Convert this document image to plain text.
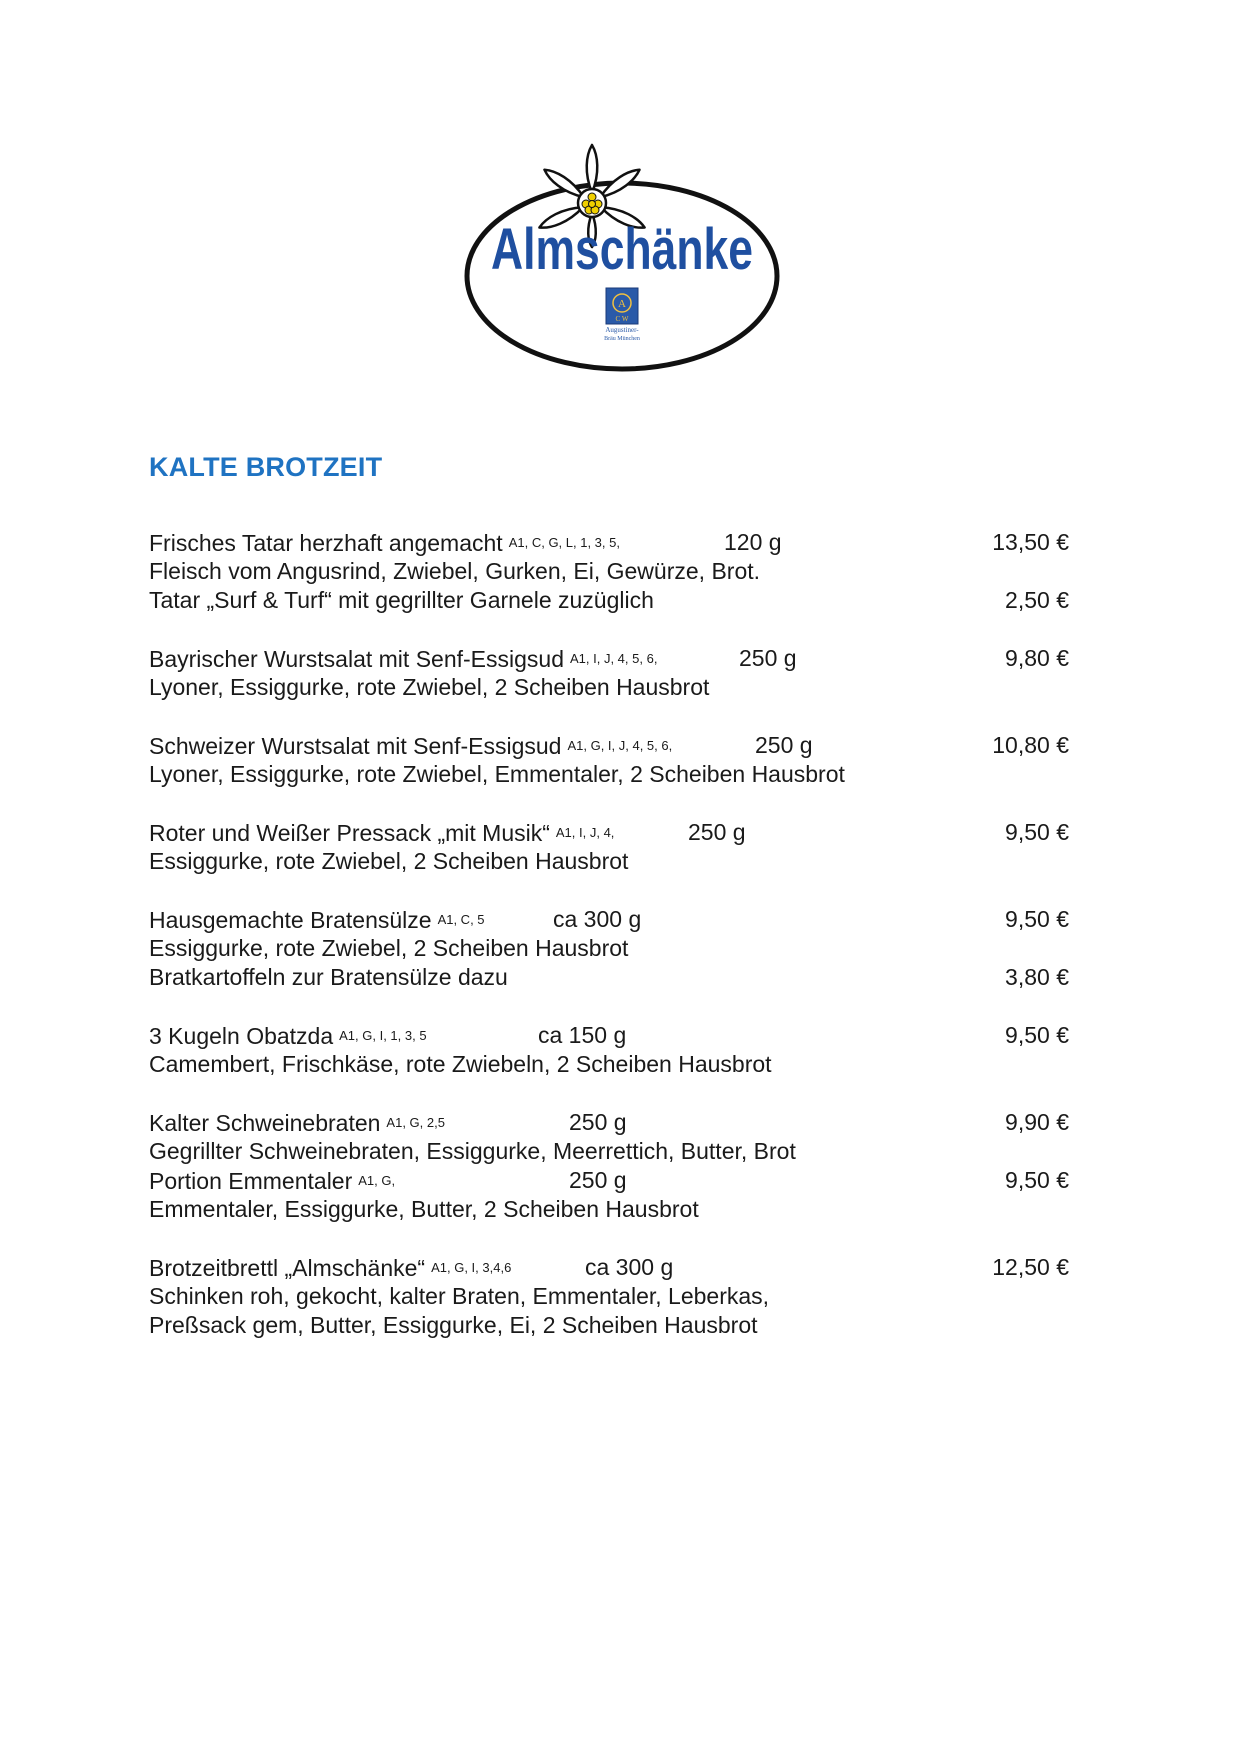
Almschänke
A
C W
Augustiner-
Bräu München
KALTE BROTZEIT
Frisches Tatar herzhaft angemacht A1, C, G, L, 1, 3, 5,	120 g	13,50 €
Fleisch vom Angusrind, Zwiebel, Gurken, Ei, Gewürze, Brot.
Tatar „Surf & Turf“ mit gegrillter Garnele zuzüglich	2,50 €
Bayrischer Wurstsalat mit Senf-Essigsud A1, I, J, 4, 5, 6,	250 g	9,80 €
Lyoner, Essiggurke, rote Zwiebel, 2 Scheiben Hausbrot
Schweizer Wurstsalat mit Senf-Essigsud A1, G, I, J, 4, 5, 6,	250 g	10,80 €
Lyoner, Essiggurke, rote Zwiebel, Emmentaler, 2 Scheiben Hausbrot
Roter und Weißer Pressack „mit Musik“ A1, I, J, 4,	250 g	9,50 €
Essiggurke, rote Zwiebel, 2 Scheiben Hausbrot
Hausgemachte Bratensülze A1, C, 5	ca 300 g	9,50 €
Essiggurke, rote Zwiebel, 2 Scheiben Hausbrot
Bratkartoffeln zur Bratensülze dazu	3,80 €
3 Kugeln Obatzda A1, G, I, 1, 3, 5	ca 150 g	9,50 €
Camembert, Frischkäse, rote Zwiebeln, 2 Scheiben Hausbrot
Kalter Schweinebraten A1, G, 2,5	250 g	9,90 €
Gegrillter Schweinebraten, Essiggurke, Meerrettich, Butter, Brot
Portion Emmentaler A1, G,	250 g	9,50 €
Emmentaler, Essiggurke, Butter, 2 Scheiben Hausbrot
Brotzeitbrettl „Almschänke“ A1, G, I, 3,4,6	ca 300 g	12,50 €
Schinken roh, gekocht, kalter Braten, Emmentaler, Leberkas,
Preßsack gem, Butter, Essiggurke, Ei, 2 Scheiben Hausbrot
